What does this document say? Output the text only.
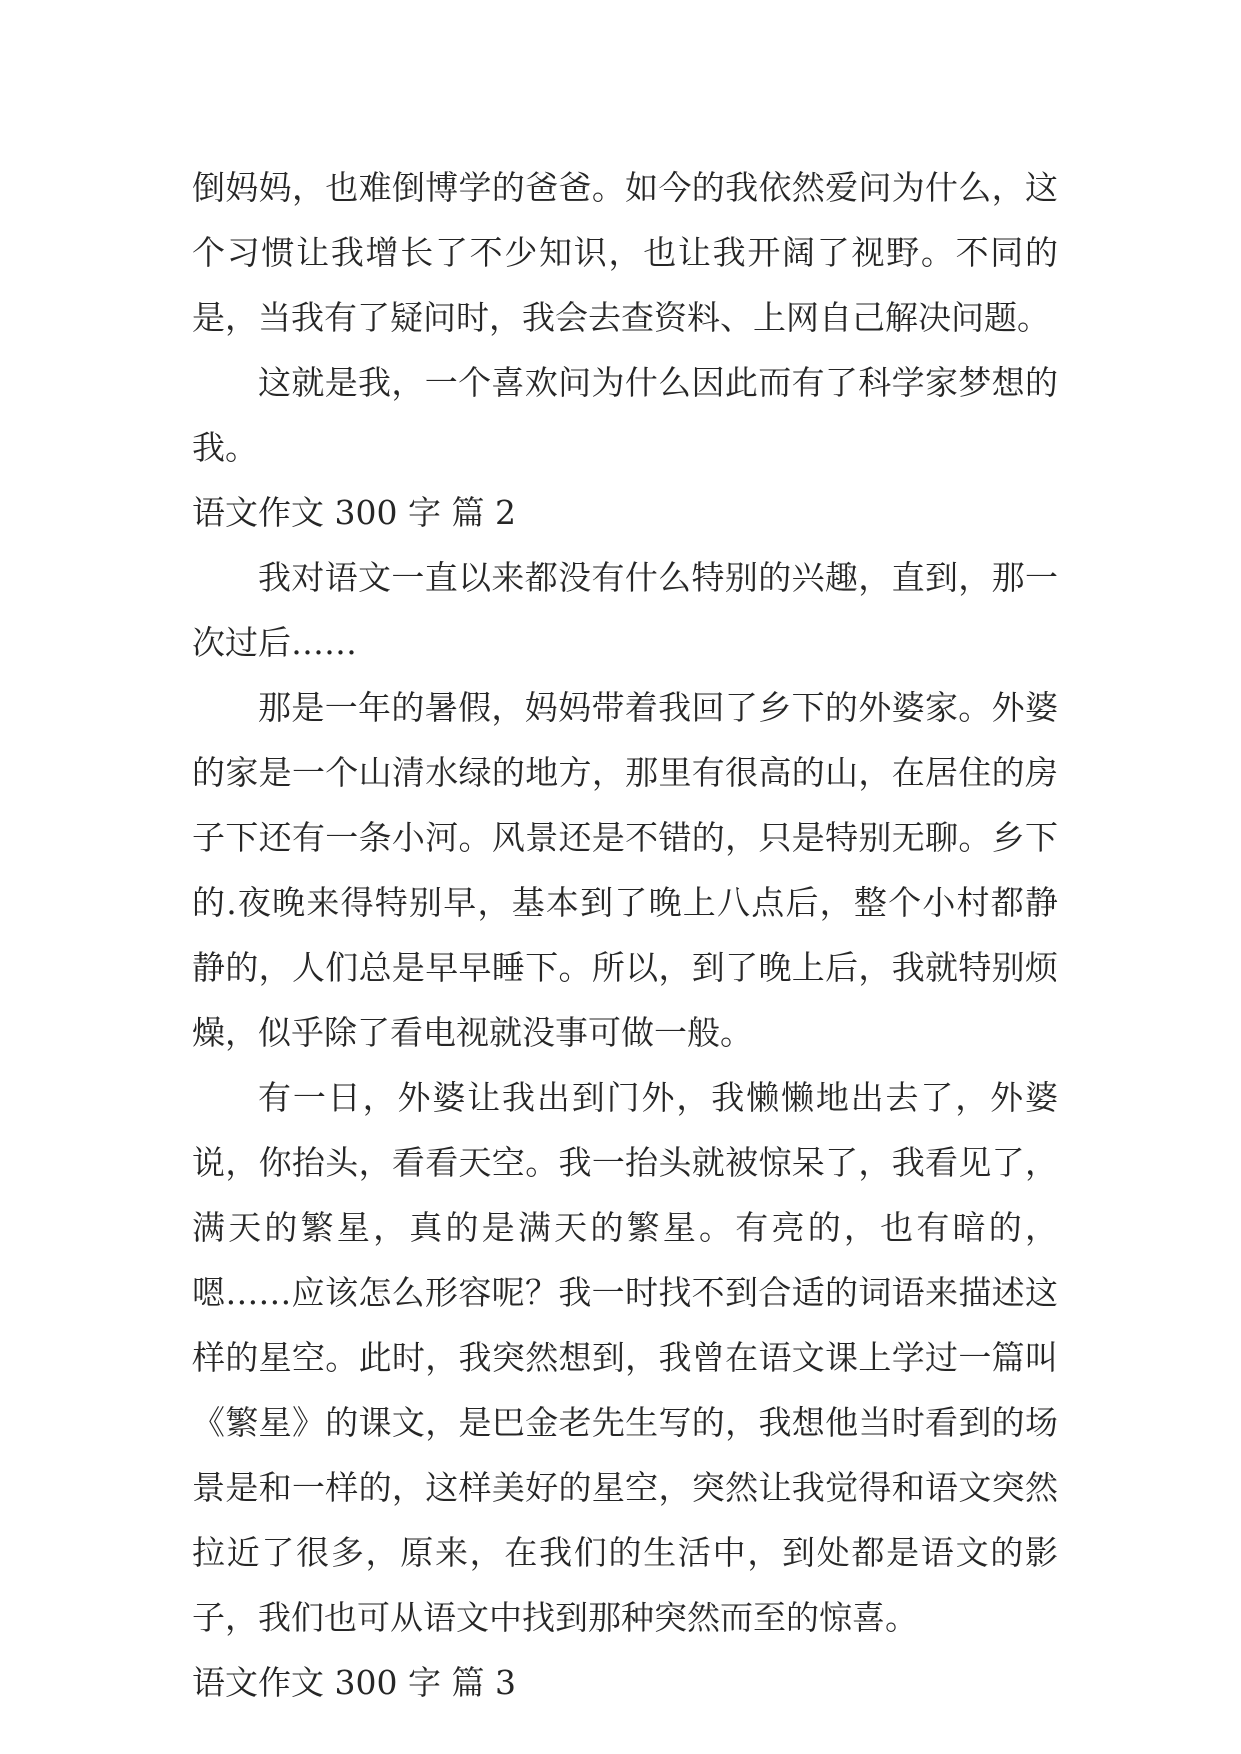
倒妈妈，也难倒博学的爸爸。如今的我依然爱问为什么，这个习惯让我增长了不少知识，也让我开阔了视野。不同的是，当我有了疑问时，我会去查资料、上网自己解决问题。

这就是我，一个喜欢问为什么因此而有了科学家梦想的我。

语文作文 300 字 篇 2

我对语文一直以来都没有什么特别的兴趣，直到，那一次过后……

那是一年的暑假，妈妈带着我回了乡下的外婆家。外婆的家是一个山清水绿的地方，那里有很高的山，在居住的房子下还有一条小河。风景还是不错的，只是特别无聊。乡下的.夜晚来得特别早，基本到了晚上八点后，整个小村都静静的，人们总是早早睡下。所以，到了晚上后，我就特别烦燥，似乎除了看电视就没事可做一般。

有一日，外婆让我出到门外，我懒懒地出去了，外婆说，你抬头，看看天空。我一抬头就被惊呆了，我看见了，满天的繁星，真的是满天的繁星。有亮的，也有暗的，嗯……应该怎么形容呢？我一时找不到合适的词语来描述这样的星空。此时，我突然想到，我曾在语文课上学过一篇叫《繁星》的课文，是巴金老先生写的，我想他当时看到的场景是和一样的，这样美好的星空，突然让我觉得和语文突然拉近了很多，原来，在我们的生活中，到处都是语文的影子，我们也可从语文中找到那种突然而至的惊喜。

语文作文 300 字 篇 3
